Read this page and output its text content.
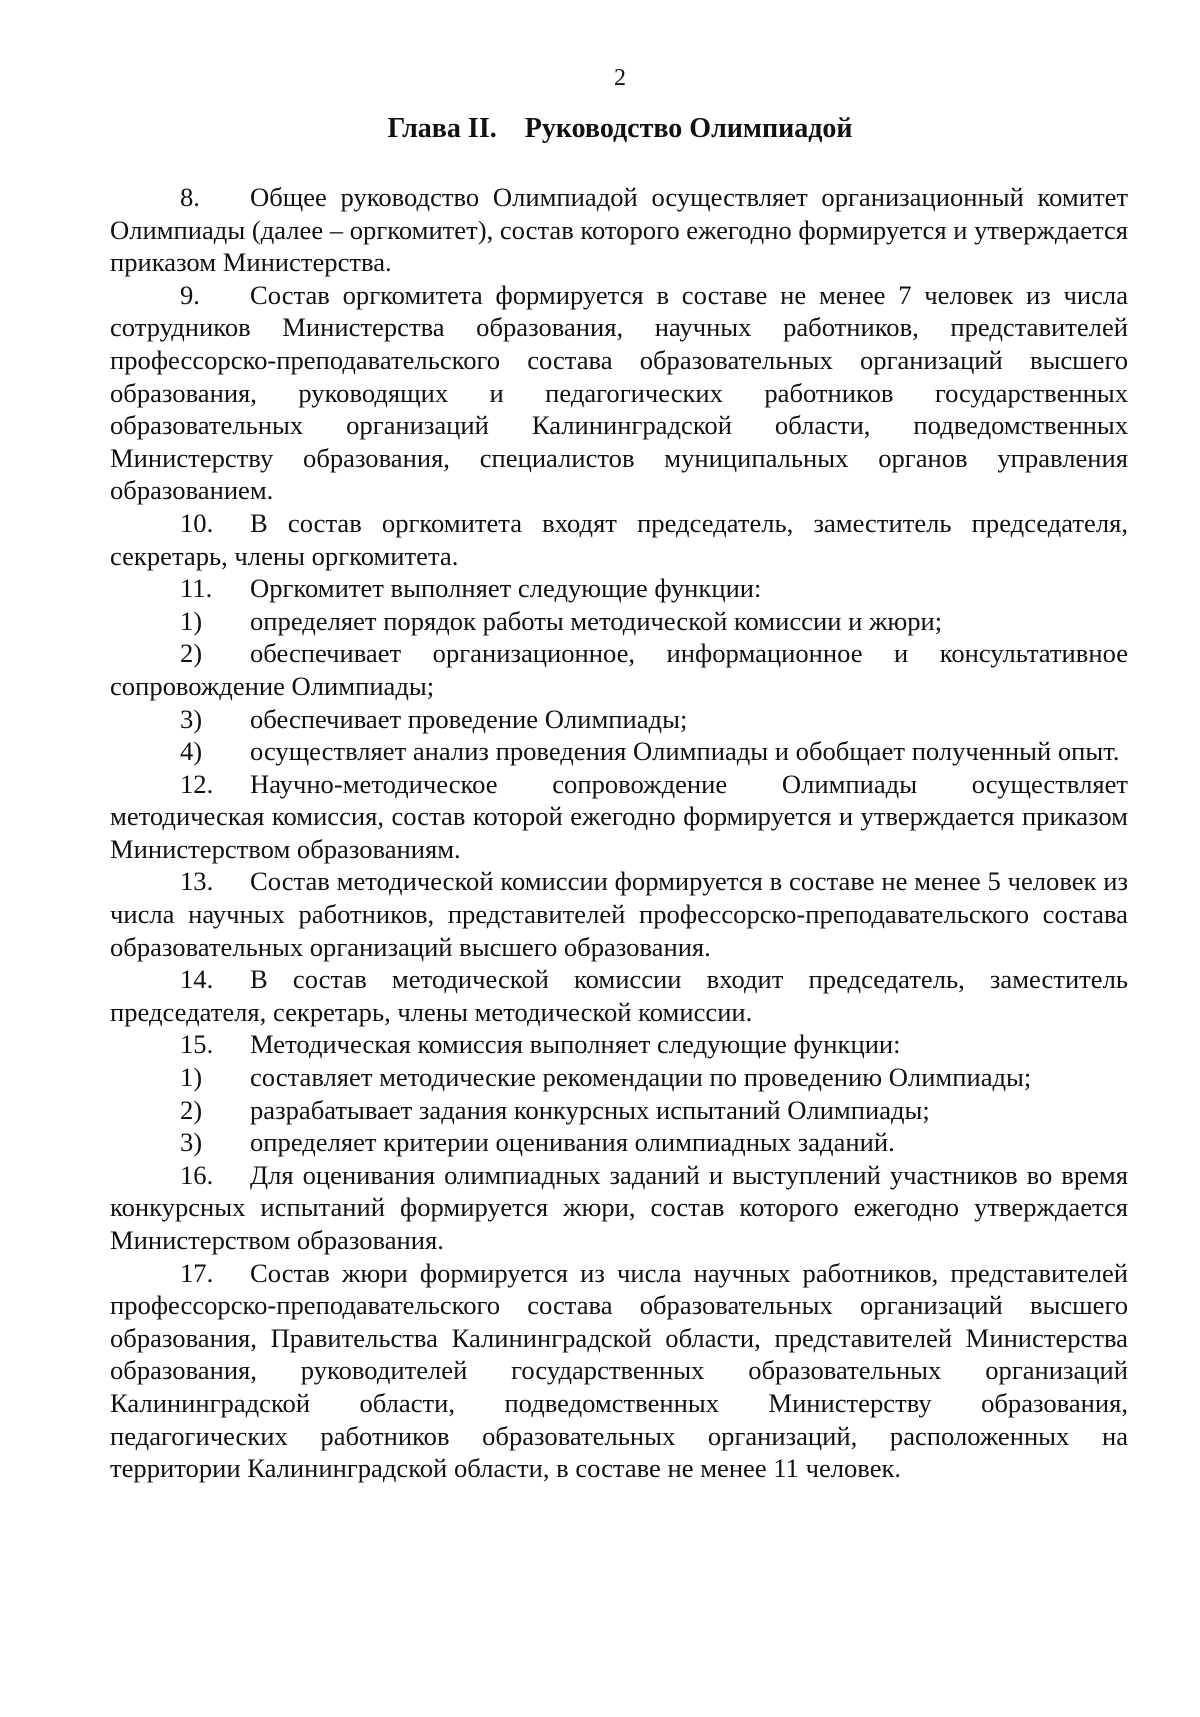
2
Глава II. Руководство Олимпиадой

8. Общее руководство Олимпиадой осуществляет организационный комитет Олимпиады (далее – оргкомитет), состав которого ежегодно формируется и утверждается приказом Министерства.

9. Состав оргкомитета формируется в составе не менее 7 человек из числа сотрудников Министерства образования, научных работников, представителей профессорско-преподавательского состава образовательных организаций высшего образования, руководящих и педагогических работников государственных образовательных организаций Калининградской области, подведомственных Министерству образования, специалистов муниципальных органов управления образованием.

10. В состав оргкомитета входят председатель, заместитель председателя, секретарь, члены оргкомитета.

11. Оргкомитет выполняет следующие функции:

1) определяет порядок работы методической комиссии и жюри;

2) обеспечивает организационное, информационное и консультативное сопровождение Олимпиады;

3) обеспечивает проведение Олимпиады;

4) осуществляет анализ проведения Олимпиады и обобщает полученный опыт.

12. Научно-методическое сопровождение Олимпиады осуществляет методическая комиссия, состав которой ежегодно формируется и утверждается приказом Министерством образованиям.

13. Состав методической комиссии формируется в составе не менее 5 человек из числа научных работников, представителей профессорско-преподавательского состава образовательных организаций высшего образования.

14. В состав методической комиссии входит председатель, заместитель председателя, секретарь, члены методической комиссии.

15. Методическая комиссия выполняет следующие функции:

1) составляет методические рекомендации по проведению Олимпиады;

2) разрабатывает задания конкурсных испытаний Олимпиады;

3) определяет критерии оценивания олимпиадных заданий.

16. Для оценивания олимпиадных заданий и выступлений участников во время конкурсных испытаний формируется жюри, состав которого ежегодно утверждается Министерством образования.

17. Состав жюри формируется из числа научных работников, представителей профессорско-преподавательского состава образовательных организаций высшего образования, Правительства Калининградской области, представителей Министерства образования, руководителей государственных образовательных организаций Калининградской области, подведомственных Министерству образования, педагогических работников образовательных организаций, расположенных на территории Калининградской области, в составе не менее 11 человек.
